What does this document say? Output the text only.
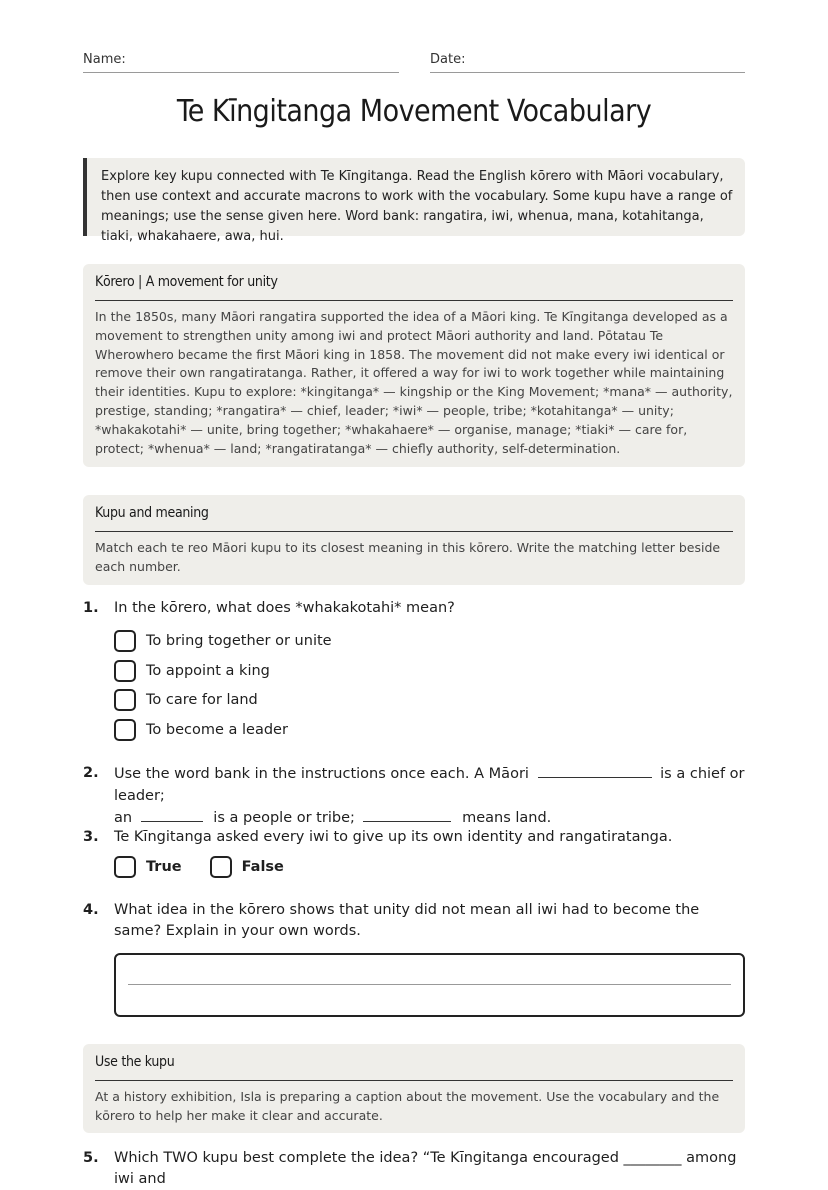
Name:	Date:
Te Kīngitanga Movement Vocabulary
Explore key kupu connected with Te Kīngitanga. Read the English kōrero with Māori vocabulary, then use context and accurate macrons to work with the vocabulary. Some kupu have a range of meanings; use the sense given here. Word bank: rangatira, iwi, whenua, mana, kotahitanga, tiaki, whakahaere, awa, hui.
Kōrero | A movement for unity
In the 1850s, many Māori rangatira supported the idea of a Māori king. Te Kīngitanga developed as a movement to strengthen unity among iwi and protect Māori authority and land. Pōtatau Te Wherowhero became the first Māori king in 1858. The movement did not make every iwi identical or remove their own rangatiratanga. Rather, it offered a way for iwi to work together while maintaining their identities. Kupu to explore: *kingitanga* — kingship or the King Movement; *mana* — authority, prestige, standing; *rangatira* — chief, leader; *iwi* — people, tribe; *kotahitanga* — unity; *whakakotahi* — unite, bring together; *whakahaere* — organise, manage; *tiaki* — care for, protect; *whenua* — land; *rangatiratanga* — chiefly authority, self-determination.
Kupu and meaning
Match each te reo Māori kupu to its closest meaning in this kōrero. Write the matching letter beside each number.
1. In the kōrero, what does *whakakotahi* mean?
To bring together or unite
To appoint a king
To care for land
To become a leader
2. Use the word bank in the instructions once each. A Māori	is a chief or leader;
an	is a people or tribe;	means land.
3. Te Kīngitanga asked every iwi to give up its own identity and rangatiratanga.
True	False
4. What idea in the kōrero shows that unity did not mean all iwi had to become the same? Explain in your own words.
Use the kupu
At a history exhibition, Isla is preparing a caption about the movement. Use the vocabulary and the kōrero to help her make it clear and accurate.
5. Which TWO kupu best complete the idea? “Te Kīngitanga encouraged ________ among iwi and
